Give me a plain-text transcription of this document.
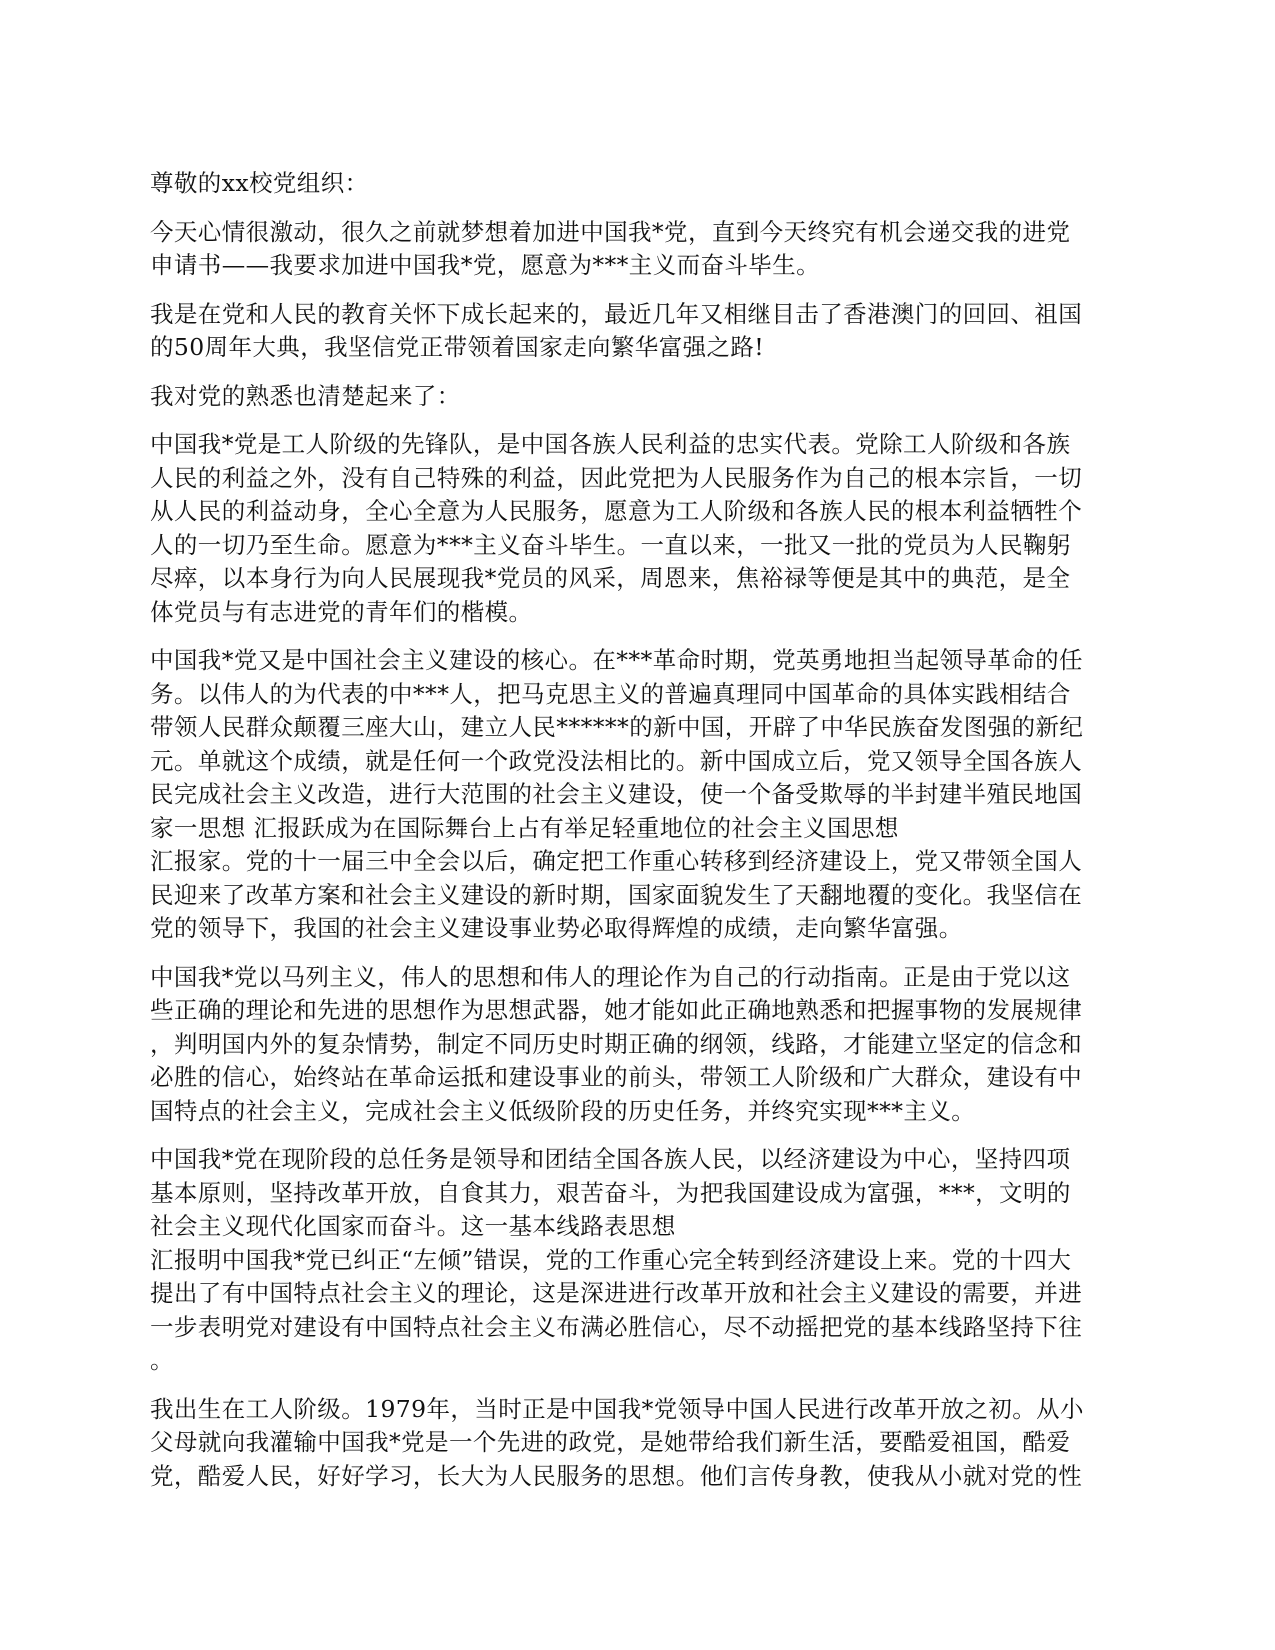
尊敬的xx校党组织：

今天心情很激动，很久之前就梦想着加进中国我*党，直到今天终究有机会递交我的进党
申请书——我要求加进中国我*党，愿意为***主义而奋斗毕生。

我是在党和人民的教育关怀下成长起来的，最近几年又相继目击了香港澳门的回回、祖国
的50周年大典，我坚信党正带领着国家走向繁华富强之路!

我对党的熟悉也清楚起来了：

中国我*党是工人阶级的先锋队，是中国各族人民利益的忠实代表。党除工人阶级和各族
人民的利益之外，没有自己特殊的利益，因此党把为人民服务作为自己的根本宗旨，一切
从人民的利益动身，全心全意为人民服务，愿意为工人阶级和各族人民的根本利益牺牲个
人的一切乃至生命。愿意为***主义奋斗毕生。一直以来，一批又一批的党员为人民鞠躬
尽瘁，以本身行为向人民展现我*党员的风采，周恩来，焦裕禄等便是其中的典范，是全
体党员与有志进党的青年们的楷模。

中国我*党又是中国社会主义建设的核心。在***革命时期，党英勇地担当起领导革命的任
务。以伟人的为代表的中***人，把马克思主义的普遍真理同中国革命的具体实践相结合
带领人民群众颠覆三座大山，建立人民******的新中国，开辟了中华民族奋发图强的新纪
元。单就这个成绩，就是任何一个政党没法相比的。新中国成立后，党又领导全国各族人
民完成社会主义改造，进行大范围的社会主义建设，使一个备受欺辱的半封建半殖民地国
家一思想 汇报跃成为在国际舞台上占有举足轻重地位的社会主义国思想
汇报家。党的十一届三中全会以后，确定把工作重心转移到经济建设上，党又带领全国人
民迎来了改革方案和社会主义建设的新时期，国家面貌发生了天翻地覆的变化。我坚信在
党的领导下，我国的社会主义建设事业势必取得辉煌的成绩，走向繁华富强。

中国我*党以马列主义，伟人的思想和伟人的理论作为自己的行动指南。正是由于党以这
些正确的理论和先进的思想作为思想武器，她才能如此正确地熟悉和把握事物的发展规律
，判明国内外的复杂情势，制定不同历史时期正确的纲领，线路，才能建立坚定的信念和
必胜的信心，始终站在革命运抵和建设事业的前头，带领工人阶级和广大群众，建设有中
国特点的社会主义，完成社会主义低级阶段的历史任务，并终究实现***主义。

中国我*党在现阶段的总任务是领导和团结全国各族人民，以经济建设为中心，坚持四项
基本原则，坚持改革开放，自食其力，艰苦奋斗，为把我国建设成为富强，***，文明的
社会主义现代化国家而奋斗。这一基本线路表思想
汇报明中国我*党已纠正“左倾”错误，党的工作重心完全转到经济建设上来。党的十四大
提出了有中国特点社会主义的理论，这是深进进行改革开放和社会主义建设的需要，并进
一步表明党对建设有中国特点社会主义布满必胜信心，尽不动摇把党的基本线路坚持下往
。

我出生在工人阶级。1979年，当时正是中国我*党领导中国人民进行改革开放之初。从小
父母就向我灌输中国我*党是一个先进的政党，是她带给我们新生活，要酷爱祖国，酷爱
党，酷爱人民，好好学习，长大为人民服务的思想。他们言传身教，使我从小就对党的性
